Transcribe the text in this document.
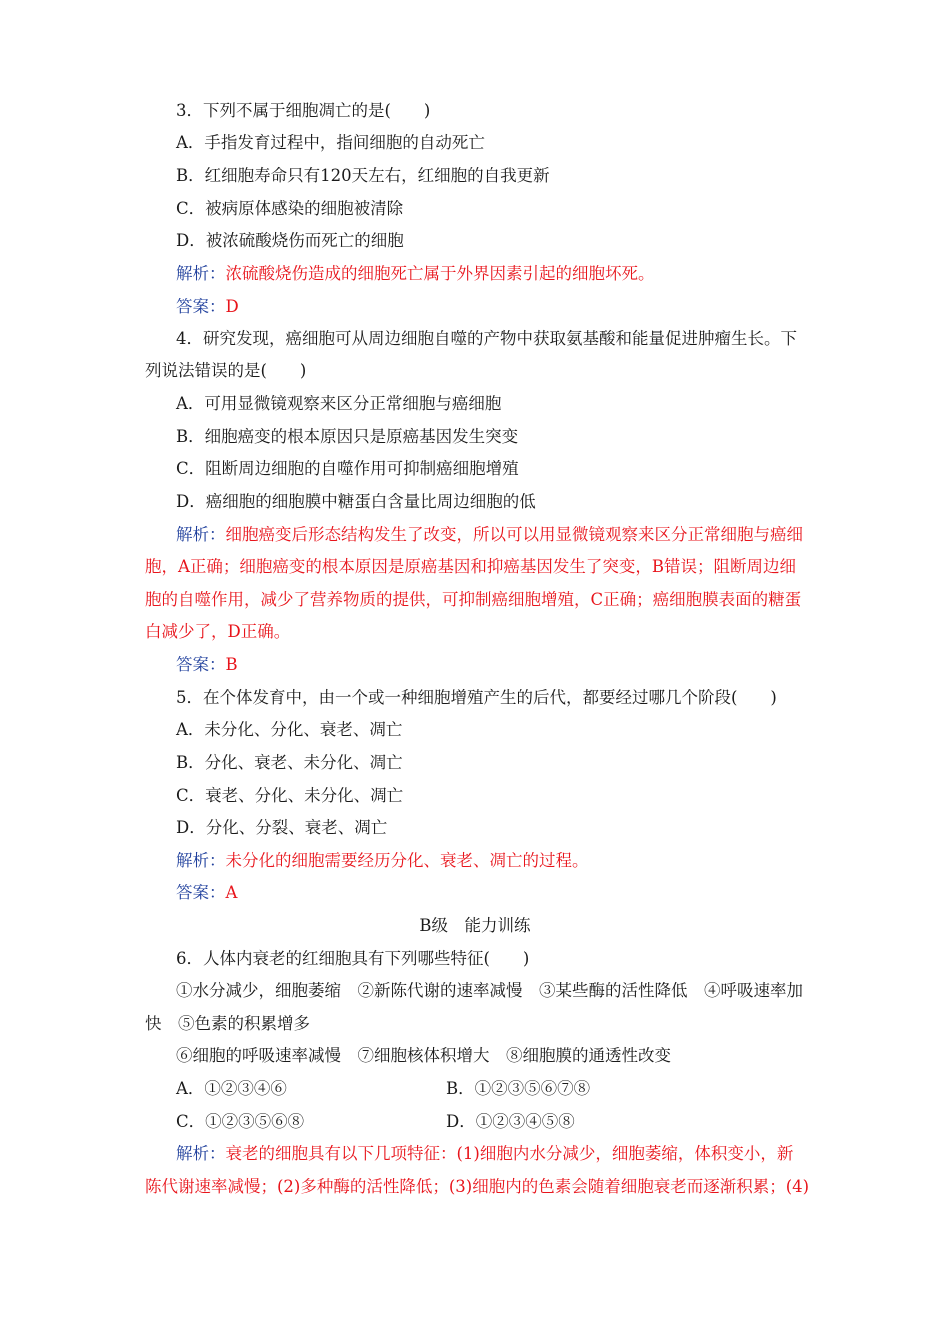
3．下列不属于细胞凋亡的是(　　)
A．手指发育过程中，指间细胞的自动死亡
B．红细胞寿命只有120天左右，红细胞的自我更新
C．被病原体感染的细胞被清除
D．被浓硫酸烧伤而死亡的细胞
解析：浓硫酸烧伤造成的细胞死亡属于外界因素引起的细胞坏死。
答案：D
4．研究发现，癌细胞可从周边细胞自噬的产物中获取氨基酸和能量促进肿瘤生长。下
列说法错误的是(　　)
A．可用显微镜观察来区分正常细胞与癌细胞
B．细胞癌变的根本原因只是原癌基因发生突变
C．阻断周边细胞的自噬作用可抑制癌细胞增殖
D．癌细胞的细胞膜中糖蛋白含量比周边细胞的低
解析：细胞癌变后形态结构发生了改变，所以可以用显微镜观察来区分正常细胞与癌细
胞，A正确；细胞癌变的根本原因是原癌基因和抑癌基因发生了突变，B错误；阻断周边细
胞的自噬作用，减少了营养物质的提供，可抑制癌细胞增殖，C正确；癌细胞膜表面的糖蛋
白减少了，D正确。
答案：B
5．在个体发育中，由一个或一种细胞增殖产生的后代，都要经过哪几个阶段(　　)
A．未分化、分化、衰老、凋亡
B．分化、衰老、未分化、凋亡
C．衰老、分化、未分化、凋亡
D．分化、分裂、衰老、凋亡
解析：未分化的细胞需要经历分化、衰老、凋亡的过程。
答案：A
B级　能力训练
6．人体内衰老的红细胞具有下列哪些特征(　　)
①水分减少，细胞萎缩　②新陈代谢的速率减慢　③某些酶的活性降低　④呼吸速率加
快　⑤色素的积累增多
⑥细胞的呼吸速率减慢　⑦细胞核体积增大　⑧细胞膜的通透性改变
A．①②③④⑥	B．①②③⑤⑥⑦⑧
C．①②③⑤⑥⑧	D．①②③④⑤⑧
解析：衰老的细胞具有以下几项特征：(1)细胞内水分减少，细胞萎缩，体积变小，新
陈代谢速率减慢；(2)多种酶的活性降低；(3)细胞内的色素会随着细胞衰老而逐渐积累；(4)
